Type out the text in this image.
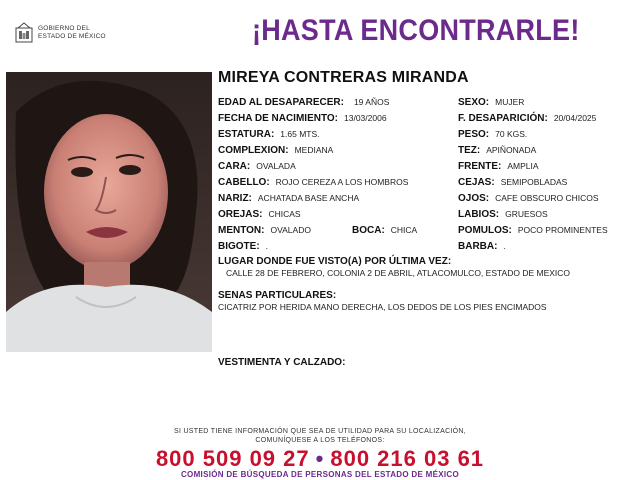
GOBIERNO DEL
ESTADO DE MÉXICO	¡HASTA ENCONTRARLE!
MIREYA CONTRERAS MIRANDA
EDAD AL DESAPARECER: 19 AÑOS
FECHA DE NACIMIENTO: 13/03/2006
ESTATURA: 1.65 MTS.
COMPLEXION: MEDIANA
CARA: OVALADA
CABELLO: ROJO CEREZA A LOS HOMBROS
NARIZ: ACHATADA BASE ANCHA
OREJAS: CHICAS
MENTON: OVALADO	BOCA: CHICA
BIGOTE: .
SEXO: MUJER
F. DESAPARICIÓN: 20/04/2025
PESO: 70 KGS.
TEZ: APIÑONADA
FRENTE: AMPLIA
CEJAS: SEMIPOBLADAS
OJOS: CAFE OBSCURO CHICOS
LABIOS: GRUESOS
POMULOS: POCO PROMINENTES
BARBA: .
LUGAR DONDE FUE VISTO(A) POR ÚLTIMA VEZ:
CALLE 28 DE FEBRERO, COLONIA 2 DE ABRIL, ATLACOMULCO, ESTADO DE MEXICO
SENAS PARTICULARES:
CICATRIZ POR HERIDA MANO DERECHA, LOS DEDOS DE LOS PIES ENCIMADOS
VESTIMENTA Y CALZADO:
SI USTED TIENE INFORMACIÓN QUE SEA DE UTILIDAD PARA SU LOCALIZACIÓN,
COMUNÍQUESE A LOS TELÉFONOS:
800 509 09 27 • 800 216 03 61
COMISIÓN DE BÚSQUEDA DE PERSONAS DEL ESTADO DE MÉXICO
